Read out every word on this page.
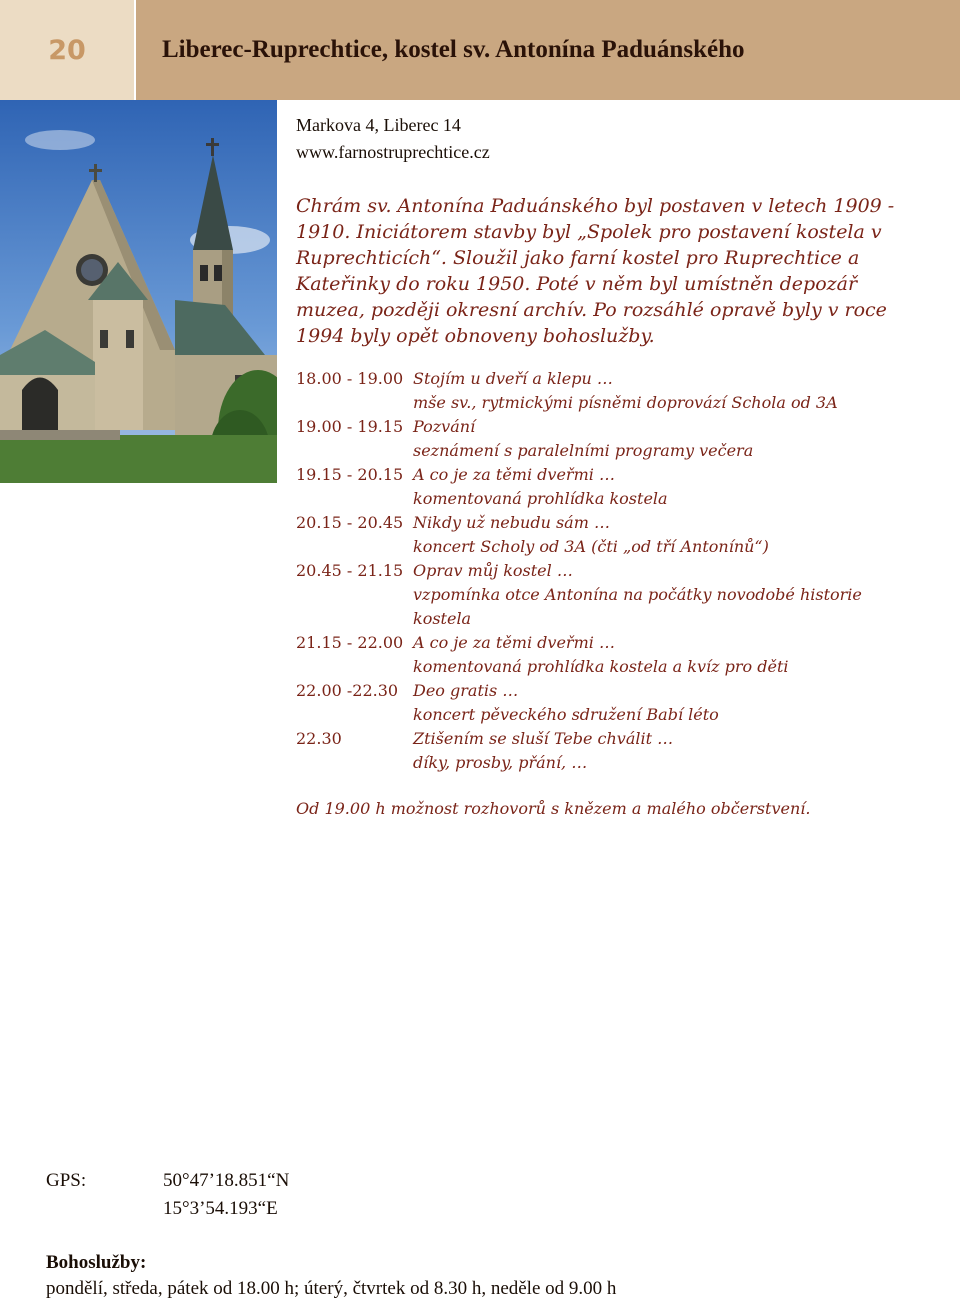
20	Liberec-Ruprechtice, kostel sv. Antonína Paduánského
Markova 4, Liberec 14
www.farnostruprechtice.cz
Chrám sv. Antonína Paduánského byl postaven v letech 1909 - 1910. Iniciátorem stavby byl „Spolek pro postavení kostela v Ruprechticích“. Sloužil jako farní kostel pro Ruprechtice a Kateřinky do roku 1950. Poté v něm byl umístněn depozář muzea, později okresní archív. Po rozsáhlé opravě byly v roce 1994 byly opět obnoveny bohoslužby.
18.00 - 19.00 Stojím u dveří a klepu …
mše sv., rytmickými písněmi doprovází Schola od 3A
19.00 - 19.15 Pozvání
seznámení s paralelními programy večera
19.15 - 20.15 A co je za těmi dveřmi …
komentovaná prohlídka kostela
20.15 - 20.45 Nikdy už nebudu sám …
koncert Scholy od 3A (čti „od tří Antonínů“)
20.45 - 21.15 Oprav můj kostel …
vzpomínka otce Antonína na počátky novodobé historie kostela
21.15 - 22.00 A co je za těmi dveřmi …
komentovaná prohlídka kostela a kvíz pro děti
22.00 -22.30 Deo gratis …
koncert pěveckého sdružení Babí léto
22.30	Ztišením se sluší Tebe chválit …
díky, prosby, přání, …
Od 19.00 h možnost rozhovorů s knězem a malého občerstvení.
GPS:	50°47’18.851“N
15°3’54.193“E
Bohoslužby:
pondělí, středa, pátek od 18.00 h; úterý, čtvrtek od 8.30 h, neděle od 9.00 h
